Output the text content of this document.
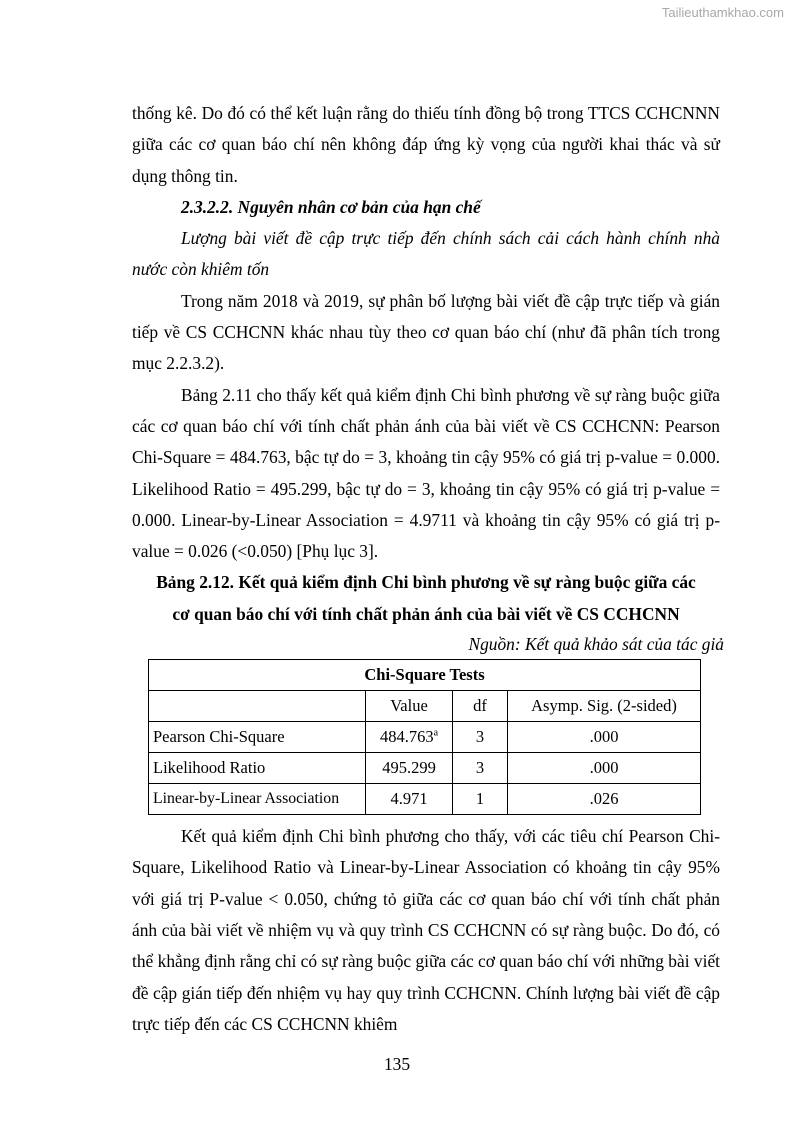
Tailieuthamkhao.com

thống kê. Do đó có thể kết luận rằng do thiếu tính đồng bộ trong TTCS CCHCNNN giữa các cơ quan báo chí nên không đáp ứng kỳ vọng của người khai thác và sử dụng thông tin.

2.3.2.2. Nguyên nhân cơ bản của hạn chế

Lượng bài viết đề cập trực tiếp đến chính sách cải cách hành chính nhà nước còn khiêm tốn

Trong năm 2018 và 2019, sự phân bố lượng bài viết đề cập trực tiếp và gián tiếp về CS CCHCNN khác nhau tùy theo cơ quan báo chí (như đã phân tích trong mục 2.2.3.2).

Bảng 2.11 cho thấy kết quả kiểm định Chi bình phương về sự ràng buộc giữa các cơ quan báo chí với tính chất phản ánh của bài viết về CS CCHCNN: Pearson Chi-Square = 484.763, bậc tự do = 3, khoảng tin cậy 95% có giá trị p-value = 0.000. Likelihood Ratio = 495.299, bậc tự do = 3, khoảng tin cậy 95% có giá trị p-value = 0.000. Linear-by-Linear Association = 4.9711 và khoảng tin cậy 95% có giá trị p-value = 0.026 (<0.050) [Phụ lục 3].

Bảng 2.12. Kết quả kiểm định Chi bình phương về sự ràng buộc giữa các
cơ quan báo chí với tính chất phản ánh của bài viết về CS CCHCNN
Nguồn: Kết quả khảo sát của tác giả
Chi-Square Tests			
	Value	df	Asymp. Sig. (2-sided)
Pearson Chi-Square	484.763$^a$	3	.000
Likelihood Ratio	495.299	3	.000
Linear-by-Linear Association	4.971	1	.026

Kết quả kiểm định Chi bình phương cho thấy, với các tiêu chí Pearson Chi-Square, Likelihood Ratio và Linear-by-Linear Association có khoảng tin cậy 95% với giá trị P-value < 0.050, chứng tỏ giữa các cơ quan báo chí với tính chất phản ánh của bài viết về nhiệm vụ và quy trình CS CCHCNN có sự ràng buộc. Do đó, có thể khẳng định rằng chỉ có sự ràng buộc giữa các cơ quan báo chí với những bài viết đề cập gián tiếp đến nhiệm vụ hay quy trình CCHCNN. Chính lượng bài viết đề cập trực tiếp đến các CS CCHCNN khiêm

135
